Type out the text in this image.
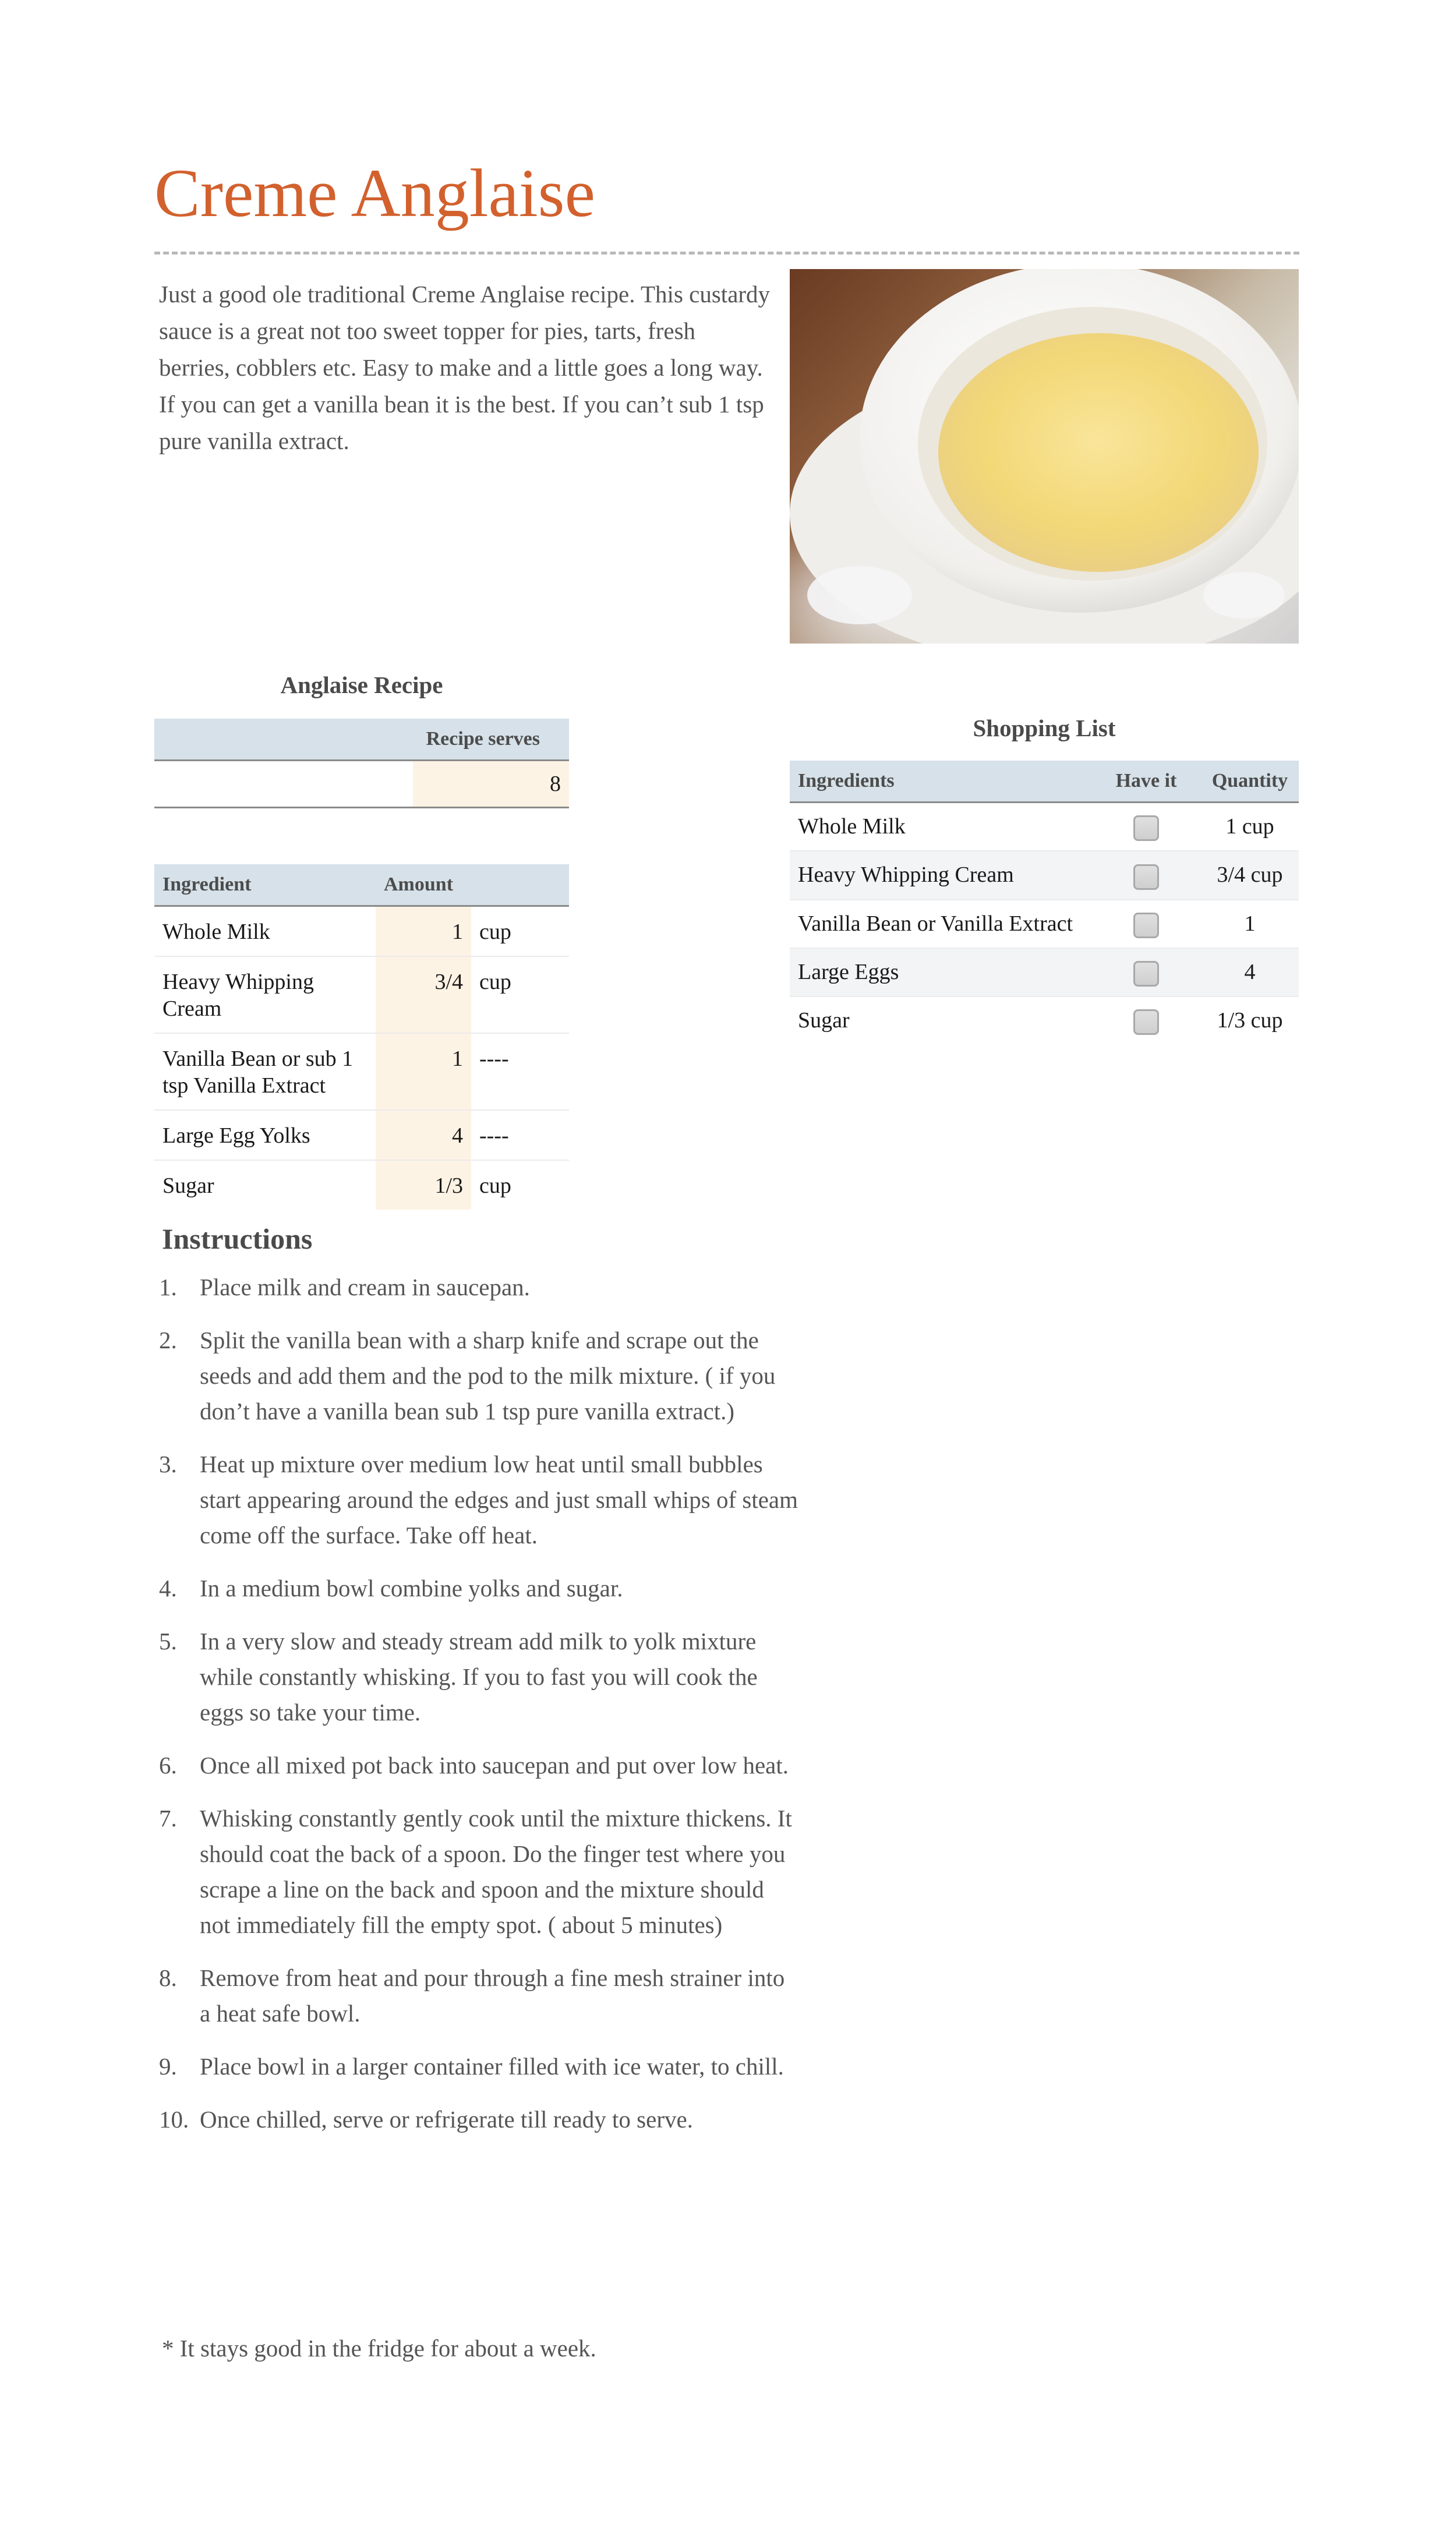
Creme Anglaise
Just a good ole traditional Creme Anglaise recipe. This custardy sauce is a great not too sweet topper for pies, tarts, fresh berries, cobblers etc. Easy to make and a little goes a long way. If you can get a vanilla bean it is the best. If you can’t sub 1 tsp pure vanilla extract.
Anglaise Recipe
	Recipe serves
	8
Ingredient	Amount	
Whole Milk	1	cup
Heavy Whipping Cream	3/4	cup
Vanilla Bean or sub 1 tsp Vanilla Extract	1	----
Large Egg Yolks	4	----
Sugar	1/3	cup
Shopping List
Ingredients	Have it	Quantity
Whole Milk		1 cup
Heavy Whipping Cream		3/4 cup
Vanilla Bean or Vanilla Extract		1
Large Eggs		4
Sugar		1/3 cup
Instructions
Place milk and cream in saucepan.
Split the vanilla bean with a sharp knife and scrape out the seeds and add them and the pod to the milk mixture. ( if you don’t have a vanilla bean sub 1 tsp pure vanilla extract.)
Heat up mixture over medium low heat until small bubbles start appearing around the edges and just small whips of steam come off the surface. Take off heat.
In a medium bowl combine yolks and sugar.
In a very slow and steady stream add milk to yolk mixture while constantly whisking. If you to fast you will cook the eggs so take your time.
Once all mixed pot back into saucepan and put over low heat.
Whisking constantly gently cook until the mixture thickens. It should coat the back of a spoon. Do the finger test where you scrape a line on the back and spoon and the mixture should not immediately fill the empty spot. ( about 5 minutes)
Remove from heat and pour through a fine mesh strainer into a heat safe bowl.
Place bowl in a larger container filled with ice water, to chill.
Once chilled, serve or refrigerate till ready to serve.
* It stays good in the fridge for about a week.
